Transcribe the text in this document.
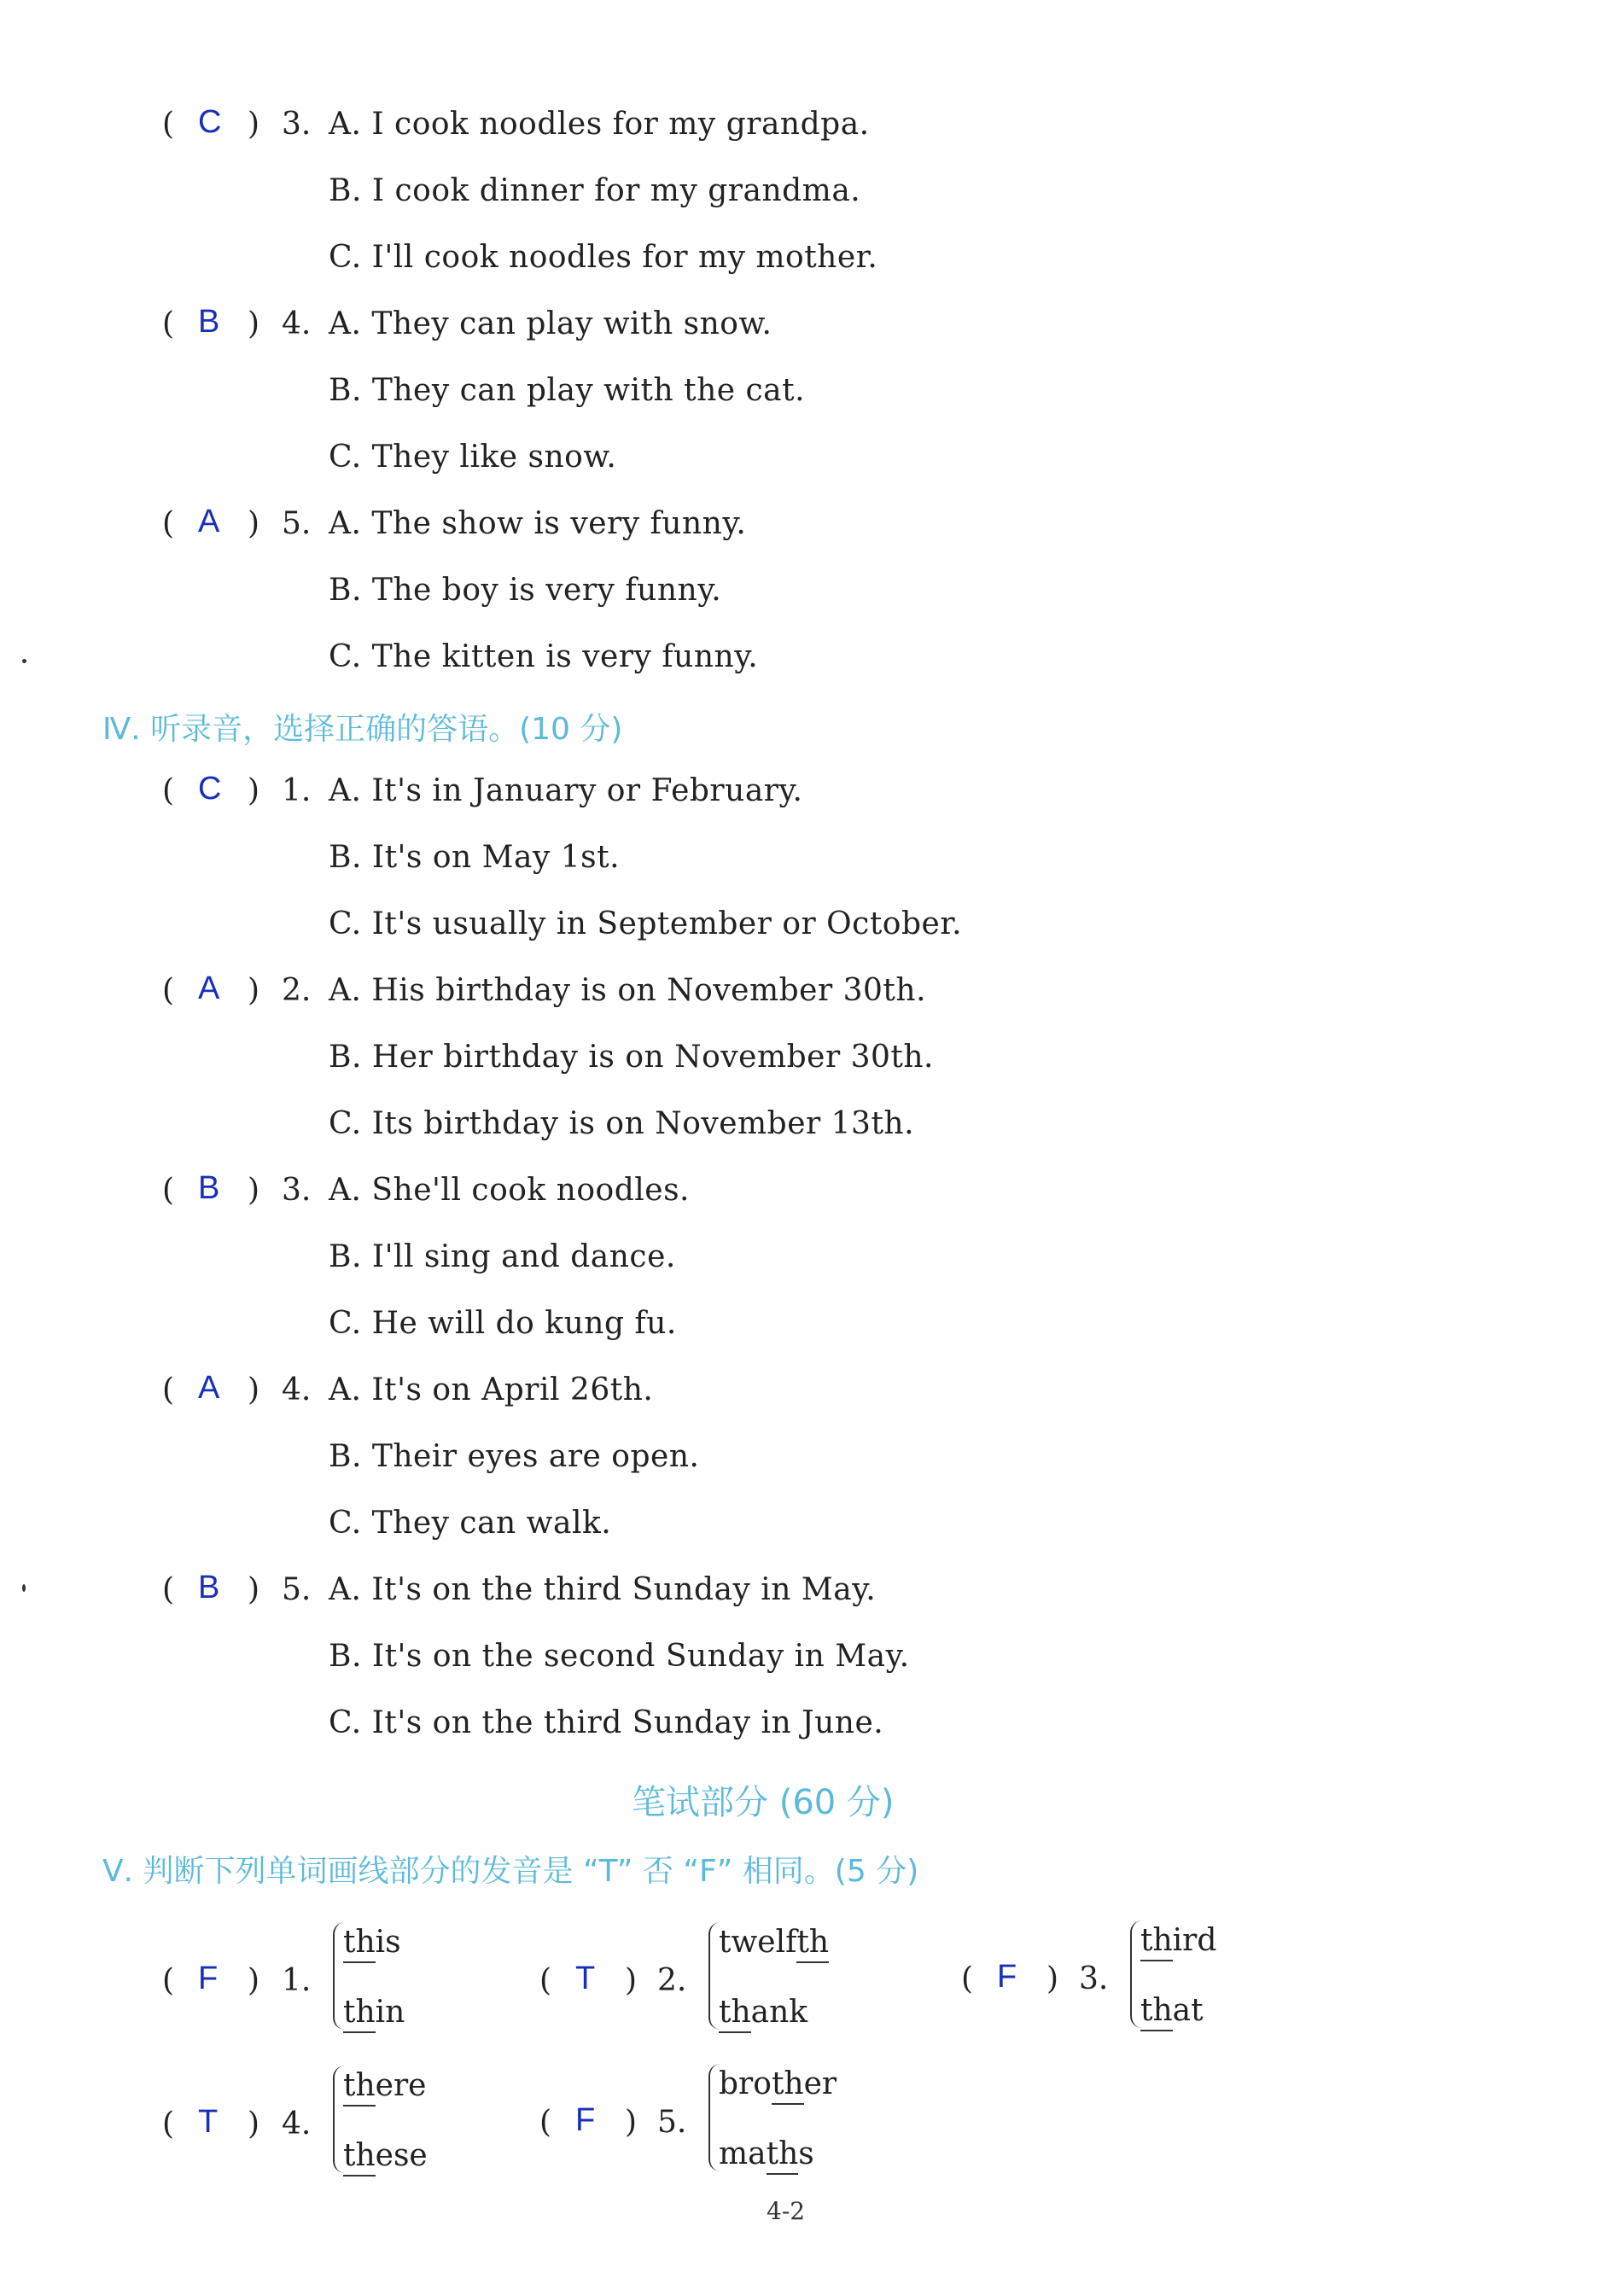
( C ) 3. A. I cook noodles for my grandpa.
B. I cook dinner for my grandma.
C. I'll cook noodles for my mother.
( B ) 4. A. They can play with snow.
B. They can play with the cat.
C. They like snow.
( A ) 5. A. The show is very funny.
B. The boy is very funny.
C. The kitten is very funny.
Ⅳ. 听录音，选择正确的答语。(10 分)
( C ) 1. A. It's in January or February.
B. It's on May 1st.
C. It's usually in September or October.
( A ) 2. A. His birthday is on November 30th.
B. Her birthday is on November 30th.
C. Its birthday is on November 13th.
( B ) 3. A. She'll cook noodles.
B. I'll sing and dance.
C. He will do kung fu.
( A ) 4. A. It's on April 26th.
B. Their eyes are open.
C. They can walk.
( B ) 5. A. It's on the third Sunday in May.
B. It's on the second Sunday in May.
C. It's on the third Sunday in June.
笔试部分 (60 分)
Ⅴ. 判断下列单词画线部分的发音是 “T” 否 “F” 相同。(5 分)
( F ) 1.
this
thin
( T ) 2.
twelfth
thank
( F ) 3.
third
that
( T ) 4.
there
these
( F ) 5.
brother
maths
4-2
